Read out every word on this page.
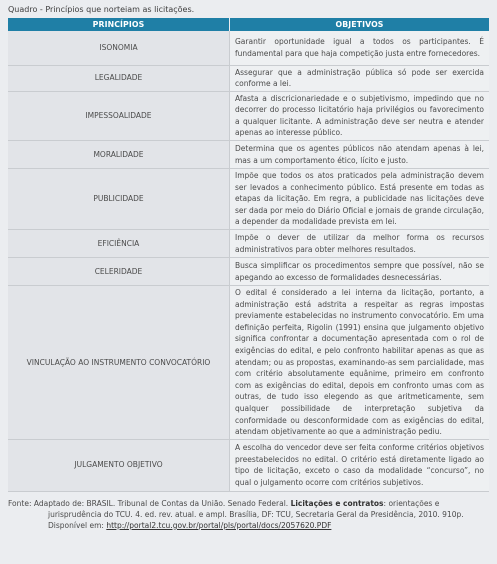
Quadro - Princípios que norteiam as licitações.
PRINCÍPIOS	OBJETIVOS
ISONOMIA	Garantir oportunidade igual a todos os participantes. É fundamental para que haja competição justa entre fornecedores.
LEGALIDADE	Assegurar que a administração pública só pode ser exercida conforme a lei.
IMPESSOALIDADE	Afasta a discricionariedade e o subjetivismo, impedindo que no decorrer do processo licitatório haja privilégios ou favorecimento a qualquer licitante. A administração deve ser neutra e atender apenas ao interesse público.
MORALIDADE	Determina que os agentes públicos não atendam apenas à lei, mas a um comportamento ético, lícito e justo.
PUBLICIDADE	Impõe que todos os atos praticados pela administração devem ser levados a conhecimento público. Está presente em todas as etapas da licitação. Em regra, a publicidade nas licitações deve ser dada por meio do Diário Oficial e jornais de grande circulação, a depender da modalidade prevista em lei.
EFICIÊNCIA	Impõe o dever de utilizar da melhor forma os recursos administrativos para obter melhores resultados.
CELERIDADE	Busca simplificar os procedimentos sempre que possível, não se apegando ao excesso de formalidades desnecessárias.
VINCULAÇÃO AO INSTRUMENTO CONVOCATÓRIO	O edital é considerado a lei interna da licitação, portanto, a administração está adstrita a respeitar as regras impostas previamente estabelecidas no instrumento convocatório. Em uma definição perfeita, Rigolin (1991) ensina que julgamento objetivo significa confrontar a documentação apresentada com o rol de exigências do edital, e pelo confronto habilitar apenas as que as atendam; ou as propostas, examinando-as sem parcialidade, mas com critério absolutamente equânime, primeiro em confronto com as exigências do edital, depois em confronto umas com as outras, de tudo isso elegendo as que aritmeticamente, sem qualquer possibilidade de interpretação subjetiva da conformidade ou desconformidade com as exigências do edital, atendam objetivamente ao que a administração pediu.
JULGAMENTO OBJETIVO	A escolha do vencedor deve ser feita conforme critérios objetivos preestabelecidos no edital. O critério está diretamente ligado ao tipo de licitação, exceto o caso da modalidade “concurso”, no qual o julgamento ocorre com critérios subjetivos.
Fonte: Adaptado de: BRASIL. Tribunal de Contas da União. Senado Federal. Licitações e contratos: orientações e jurisprudência do TCU. 4. ed. rev. atual. e ampl. Brasília, DF: TCU, Secretaria Geral da Presidência, 2010. 910p. Disponível em: http://portal2.tcu.gov.br/portal/pls/portal/docs/2057620.PDF
